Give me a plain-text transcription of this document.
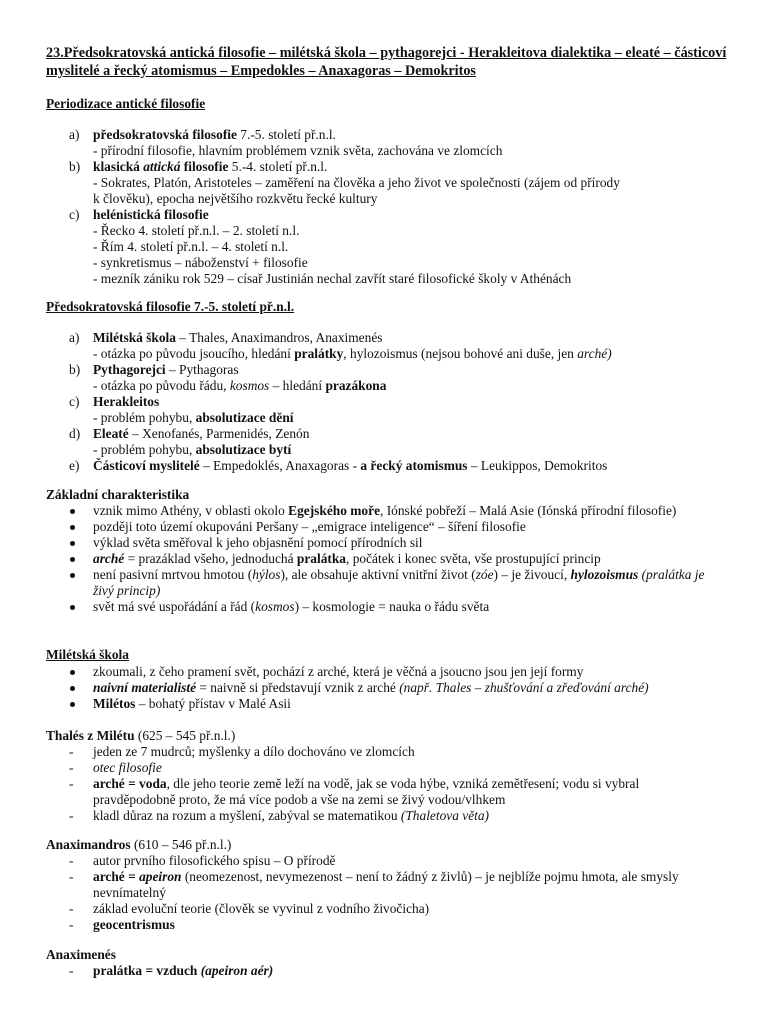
23.Předsokratovská antická filosofie – milétská škola – pythagorejci - Herakleitova dialektika – eleaté – částicoví myslitelé a řecký atomismus – Empedokles – Anaxagoras – Demokritos
Periodizace antické filosofie
a) předsokratovská filosofie 7.-5. století př.n.l.
- přírodní filosofie, hlavním problémem vznik světa, zachována ve zlomcích
b) klasická attická filosofie 5.-4. století př.n.l.
- Sokrates, Platón, Aristoteles – zaměření na člověka a jeho život ve společnosti (zájem od přírody
k člověku), epocha největšího rozkvětu řecké kultury
c) helénistická filosofie
- Řecko 4. století př.n.l. – 2. století n.l.
- Řím 4. století př.n.l. – 4. století n.l.
- synkretismus – náboženství + filosofie
- mezník zániku rok 529 – císař Justinián nechal zavřít staré filosofické školy v Athénách
Předsokratovská filosofie 7.-5. století př.n.l.
a) Milétská škola – Thales, Anaximandros, Anaximenés
- otázka po původu jsoucího, hledání pralátky, hylozoismus (nejsou bohové ani duše, jen arché)
b) Pythagorejci – Pythagoras
- otázka po původu řádu, kosmos – hledání prazákona
c) Herakleitos
- problém pohybu, absolutizace dění
d) Eleaté – Xenofanés, Parmenidés, Zenón
- problém pohybu, absolutizace bytí
e) Částicoví myslitelé – Empedoklés, Anaxagoras - a řecký atomismus – Leukippos, Demokritos
Základní charakteristika
vznik mimo Athény, v oblasti okolo Egejského moře, Iónské pobřeží – Malá Asie (Iónská přírodní filosofie)
později toto území okupováni Peršany – „emigrace inteligence“ – šíření filosofie
výklad světa směřoval k jeho objasnění pomocí přírodních sil
arché = prazáklad všeho, jednoduchá pralátka, počátek i konec světa, vše prostupující princip
není pasivní mrtvou hmotou (hýlos), ale obsahuje aktivní vnitřní život (zóe) – je živoucí, hylozoismus (pralátka je živý princip)
svět má své uspořádání a řád (kosmos) – kosmologie = nauka o řádu světa
Milétská škola
zkoumali, z čeho pramení svět, pochází z arché, která je věčná a jsoucno jsou jen její formy
naivní materialisté = naivně si představují vznik z arché (např. Thales – zhušťování a zřeďování arché)
Milétos – bohatý přístav v Malé Asii
Thalés z Milétu (625 – 545 př.n.l.)
- jeden ze 7 mudrců; myšlenky a dílo dochováno ve zlomcích
- otec filosofie
- arché = voda, dle jeho teorie země leží na vodě, jak se voda hýbe, vzniká zemětřesení; vodu si vybral pravděpodobně proto, že má více podob a vše na zemi se živý vodou/vlhkem
- kladl důraz na rozum a myšlení, zabýval se matematikou (Thaletova věta)
Anaximandros (610 – 546 př.n.l.)
- autor prvního filosofického spisu – O přírodě
- arché = apeiron (neomezenost, nevymezenost – není to žádný z živlů) – je nejblíže pojmu hmota, ale smysly nevnímatelný
- základ evoluční teorie (člověk se vyvinul z vodního živočicha)
- geocentrismus
Anaximenés
- pralátka = vzduch (apeiron aér)
